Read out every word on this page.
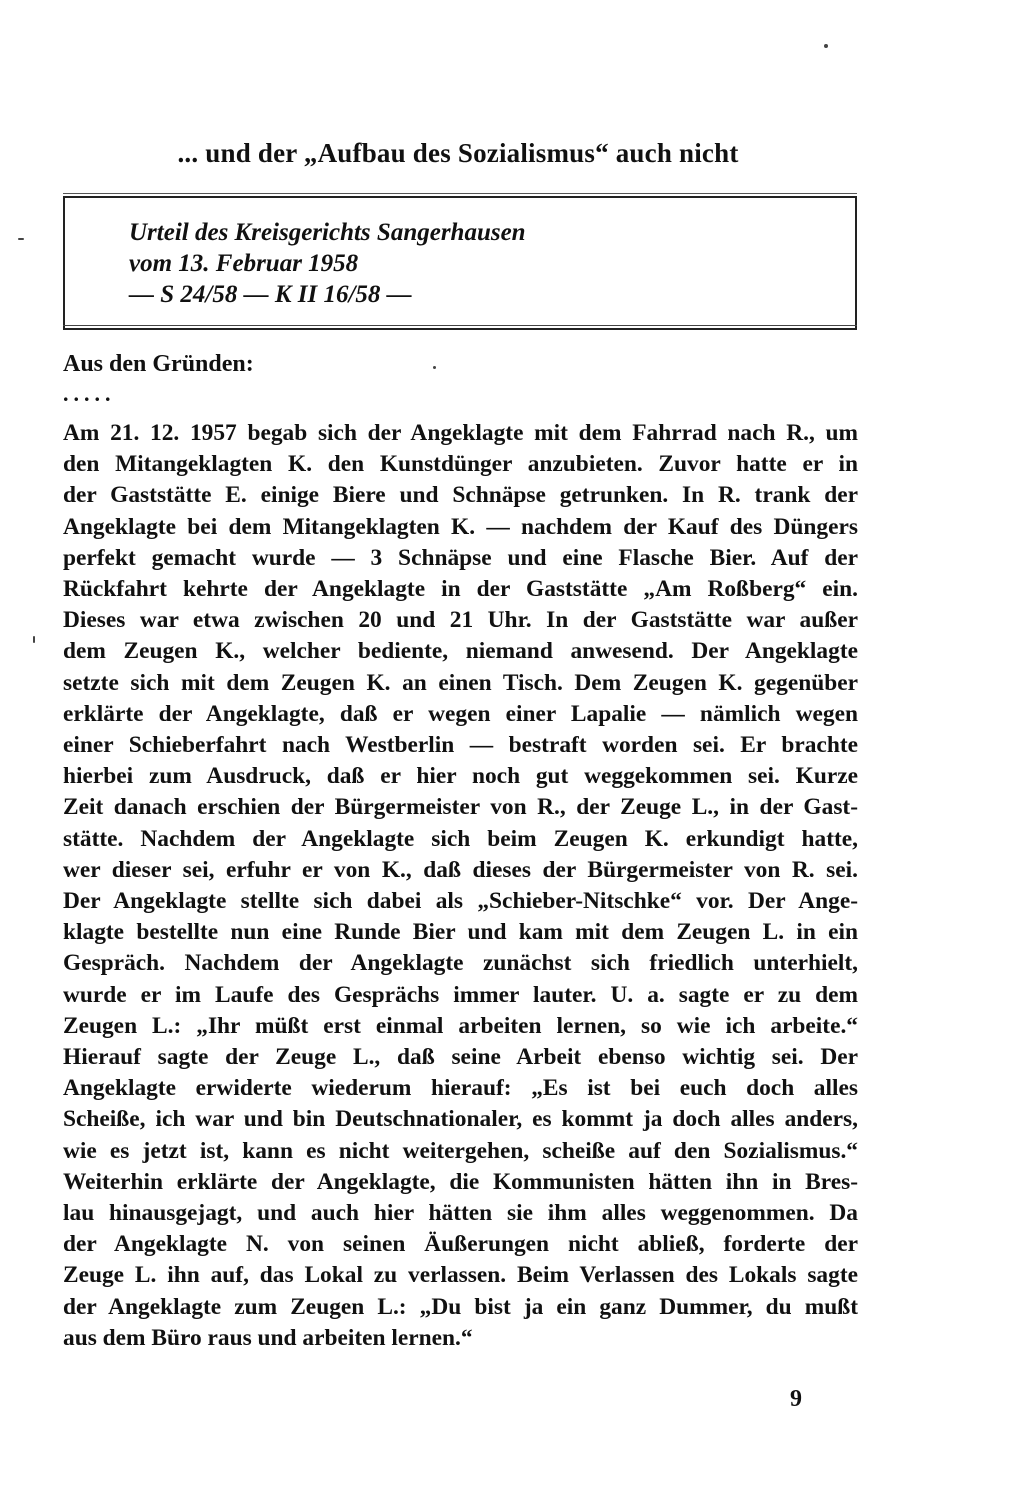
... und der „Aufbau des Sozialismus“ auch nicht

Urteil des Kreisgerichts Sangerhausen
vom 13. Februar 1958
— S 24/58 — K II 16/58 —

Aus den Gründen:

.....

Am 21. 12. 1957 begab sich der Angeklagte mit dem Fahrrad nach R., um
den Mitangeklagten K. den Kunstdünger anzubieten. Zuvor hatte er in
der Gaststätte E. einige Biere und Schnäpse getrunken. In R. trank der
Angeklagte bei dem Mitangeklagten K. — nachdem der Kauf des Düngers
perfekt gemacht wurde — 3 Schnäpse und eine Flasche Bier. Auf der
Rückfahrt kehrte der Angeklagte in der Gaststätte „Am Roßberg“ ein.
Dieses war etwa zwischen 20 und 21 Uhr. In der Gaststätte war außer
dem Zeugen K., welcher bediente, niemand anwesend. Der Angeklagte
setzte sich mit dem Zeugen K. an einen Tisch. Dem Zeugen K. gegenüber
erklärte der Angeklagte, daß er wegen einer Lapalie — nämlich wegen
einer Schieberfahrt nach Westberlin — bestraft worden sei. Er brachte
hierbei zum Ausdruck, daß er hier noch gut weggekommen sei. Kurze
Zeit danach erschien der Bürgermeister von R., der Zeuge L., in der Gast-
stätte. Nachdem der Angeklagte sich beim Zeugen K. erkundigt hatte,
wer dieser sei, erfuhr er von K., daß dieses der Bürgermeister von R. sei.
Der Angeklagte stellte sich dabei als „Schieber-Nitschke“ vor. Der Ange-
klagte bestellte nun eine Runde Bier und kam mit dem Zeugen L. in ein
Gespräch. Nachdem der Angeklagte zunächst sich friedlich unterhielt,
wurde er im Laufe des Gesprächs immer lauter. U. a. sagte er zu dem
Zeugen L.: „Ihr müßt erst einmal arbeiten lernen, so wie ich arbeite.“
Hierauf sagte der Zeuge L., daß seine Arbeit ebenso wichtig sei. Der
Angeklagte erwiderte wiederum hierauf: „Es ist bei euch doch alles
Scheiße, ich war und bin Deutschnationaler, es kommt ja doch alles anders,
wie es jetzt ist, kann es nicht weitergehen, scheiße auf den Sozialismus.“
Weiterhin erklärte der Angeklagte, die Kommunisten hätten ihn in Bres-
lau hinausgejagt, und auch hier hätten sie ihm alles weggenommen. Da
der Angeklagte N. von seinen Äußerungen nicht abließ, forderte der
Zeuge L. ihn auf, das Lokal zu verlassen. Beim Verlassen des Lokals sagte
der Angeklagte zum Zeugen L.: „Du bist ja ein ganz Dummer, du mußt
aus dem Büro raus und arbeiten lernen.“

9
